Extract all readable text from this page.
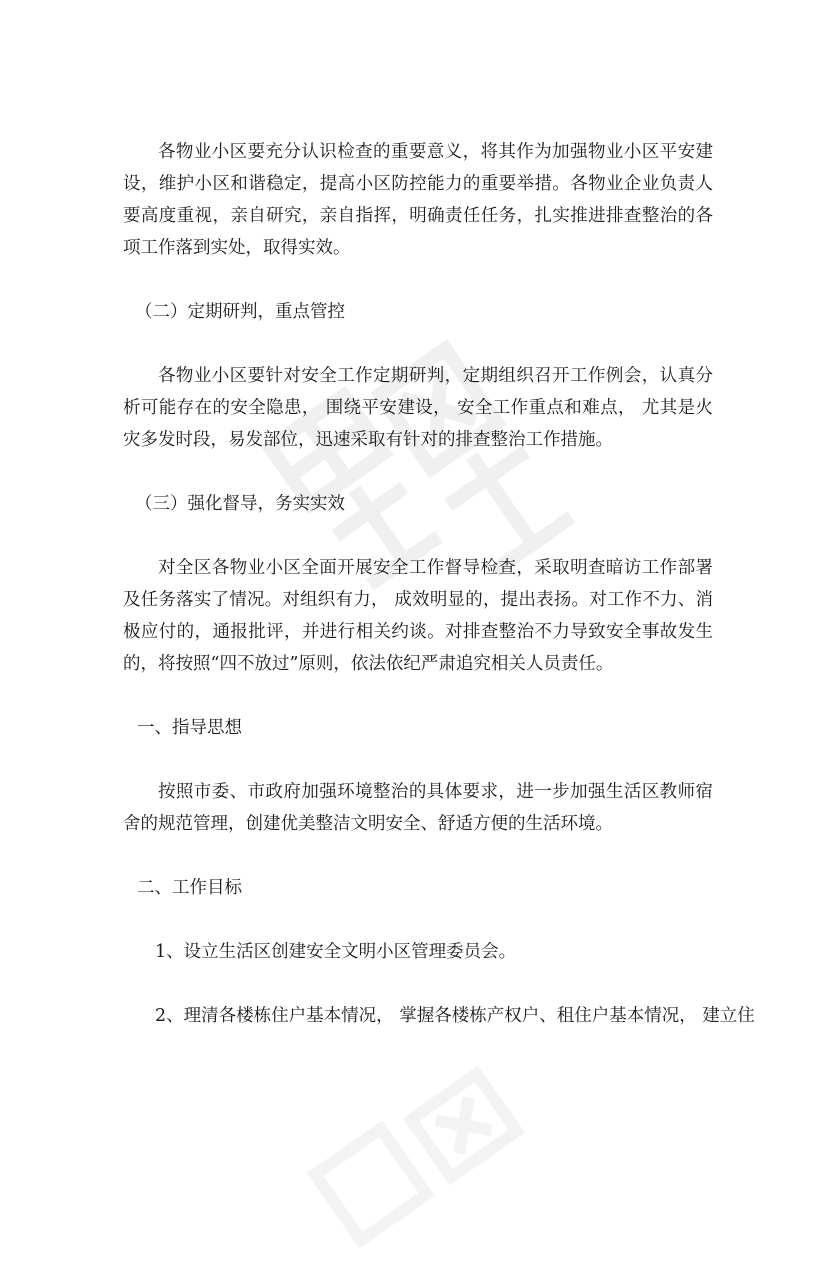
各物业小区要充分认识检查的重要意义，将其作为加强物业小区平安建设，维护小区和谐稳定，提高小区防控能力的重要举措。各物业企业负责人要高度重视，亲自研究，亲自指挥，明确责任任务，扎实推进排查整治的各项工作落到实处，取得实效。

（二）定期研判，重点管控

各物业小区要针对安全工作定期研判，定期组织召开工作例会，认真分析可能存在的安全隐患， 围绕平安建设， 安全工作重点和难点， 尤其是火灾多发时段，易发部位，迅速采取有针对的排查整治工作措施。

（三）强化督导，务实实效

对全区各物业小区全面开展安全工作督导检查，采取明查暗访工作部署及任务落实了情况。对组织有力， 成效明显的，提出表扬。对工作不力、消极应付的，通报批评，并进行相关约谈。对排查整治不力导致安全事故发生的，将按照“四不放过”原则，依法依纪严肃追究相关人员责任。

一、指导思想

按照市委、市政府加强环境整治的具体要求，进一步加强生活区教师宿舍的规范管理，创建优美整洁文明安全、舒适方便的生活环境。

二、工作目标

1、设立生活区创建安全文明小区管理委员会。

2、理清各楼栋住户基本情况， 掌握各楼栋产权户、租住户基本情况， 建立住
